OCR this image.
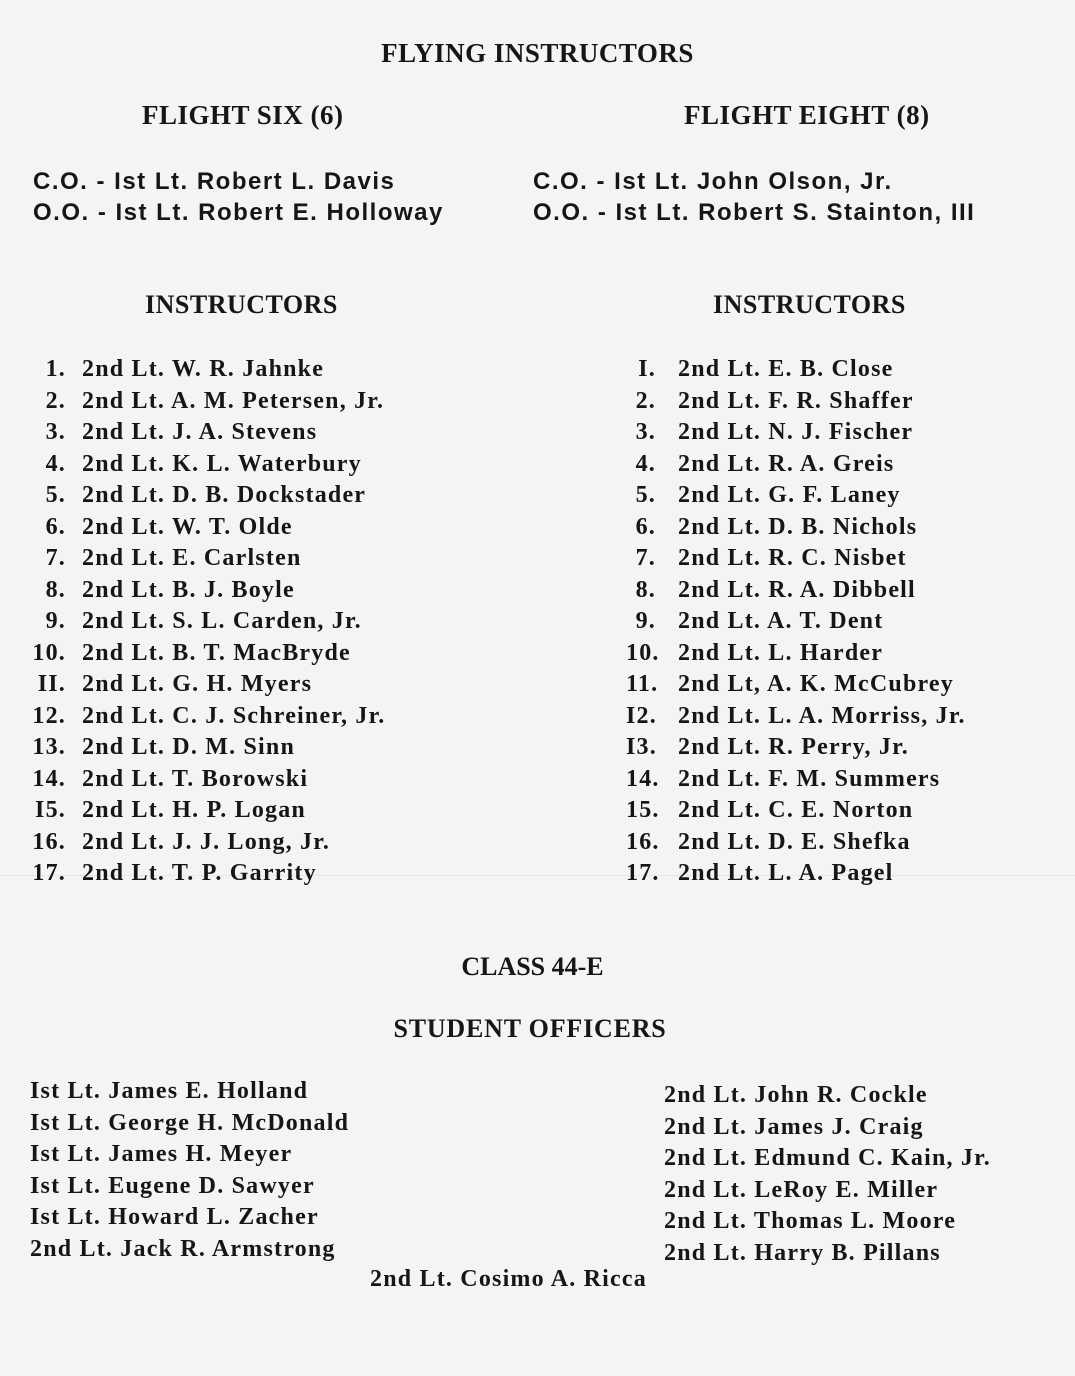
FLYING INSTRUCTORS
FLIGHT SIX (6)
C.O. - Ist Lt. Robert L. Davis
O.O. - Ist Lt. Robert E. Holloway
INSTRUCTORS
1. 2nd Lt. W. R. Jahnke
2. 2nd Lt. A. M. Petersen, Jr.
3. 2nd Lt. J. A. Stevens
4. 2nd Lt. K. L. Waterbury
5. 2nd Lt. D. B. Dockstader
6. 2nd Lt. W. T. Olde
7. 2nd Lt. E. Carlsten
8. 2nd Lt. B. J. Boyle
9. 2nd Lt. S. L. Carden, Jr.
10. 2nd Lt. B. T. MacBryde
II. 2nd Lt. G. H. Myers
12. 2nd Lt. C. J. Schreiner, Jr.
13. 2nd Lt. D. M. Sinn
14. 2nd Lt. T. Borowski
I5. 2nd Lt. H. P. Logan
16. 2nd Lt. J. J. Long, Jr.
17. 2nd Lt. T. P. Garrity
FLIGHT EIGHT (8)
C.O. - Ist Lt. John Olson, Jr.
O.O. - Ist Lt. Robert S. Stainton, III
INSTRUCTORS
I. 2nd Lt. E. B. Close
2. 2nd Lt. F. R. Shaffer
3. 2nd Lt. N. J. Fischer
4. 2nd Lt. R. A. Greis
5. 2nd Lt. G. F. Laney
6. 2nd Lt. D. B. Nichols
7. 2nd Lt. R. C. Nisbet
8. 2nd Lt. R. A. Dibbell
9. 2nd Lt. A. T. Dent
10. 2nd Lt. L. Harder
11. 2nd Lt, A. K. McCubrey
I2. 2nd Lt. L. A. Morriss, Jr.
I3. 2nd Lt. R. Perry, Jr.
14. 2nd Lt. F. M. Summers
15. 2nd Lt. C. E. Norton
16. 2nd Lt. D. E. Shefka
17. 2nd Lt. L. A. Pagel
CLASS 44-E
STUDENT OFFICERS
Ist Lt. James E. Holland
Ist Lt. George H. McDonald
Ist Lt. James H. Meyer
Ist Lt. Eugene D. Sawyer
Ist Lt. Howard L. Zacher
2nd Lt. Jack R. Armstrong
2nd Lt. John R. Cockle
2nd Lt. James J. Craig
2nd Lt. Edmund C. Kain, Jr.
2nd Lt. LeRoy E. Miller
2nd Lt. Thomas L. Moore
2nd Lt. Harry B. Pillans
2nd Lt. Cosimo A. Ricca
